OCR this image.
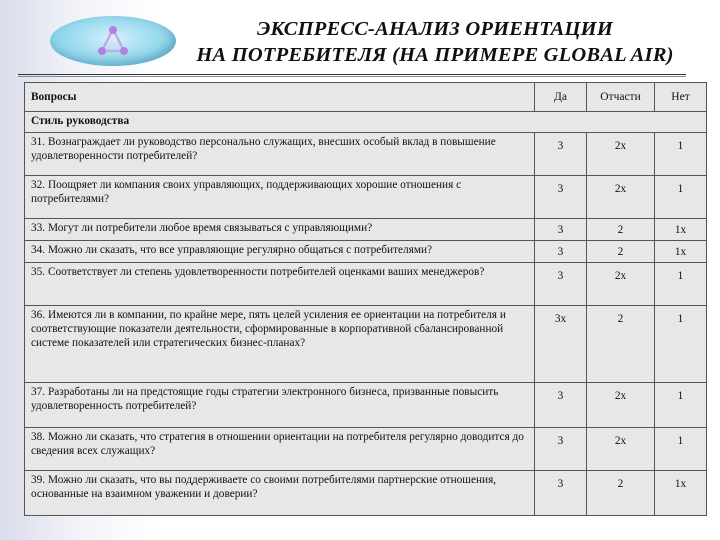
ЭКСПРЕСС-АНАЛИЗ ОРИЕНТАЦИИ
НА ПОТРЕБИТЕЛЯ (НА ПРИМЕРЕ GLOBAL AIR)
Вопросы	Да	Отчасти	Нет
Стиль руководства			
31. Вознаграждает ли руководство персонально служащих, внесших особый вклад в повышение удовлетворенности потребителей?	3	2х	1
32. Поощряет ли компания своих управляющих, поддерживающих хорошие отношения с потребителями?	3	2х	1
33. Могут ли потребители любое время связываться с управляющими?	3	2	1х
34. Можно ли сказать, что все управляющие регулярно общаться с потребителями?	3	2	1х
35. Соответствует ли степень удовлетворенности потребителей оценками ваших менеджеров?	3	2х	1
36. Имеются ли в компании, по крайне мере, пять целей усиления ее ориентации на потребителя и соответствующие показатели деятельности, сформированные в корпоративной сбалансированной системе показателей или стратегических бизнес-планах?	3х	2	1
37. Разработаны ли на предстоящие годы стратегии электронного бизнеса, призванные повысить удовлетворенность потребителей?	3	2х	1
38. Можно ли сказать, что стратегия в отношении ориентации на потребителя регулярно доводится до сведения всех служащих?	3	2х	1
39. Можно ли сказать, что вы поддерживаете со своими потребителями партнерские отношения, основанные на взаимном уважении и доверии?	3	2	1х
